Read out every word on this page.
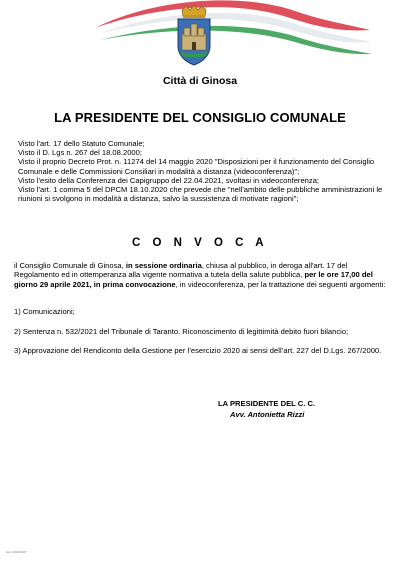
Città di Ginosa
LA PRESIDENTE DEL CONSIGLIO COMUNALE

Visto l'art. 17 dello Statuto Comunale;

Visto il D. Lgs n. 267 del 18.08.2000;

Visto il proprio Decreto Prot. n. 11274 del 14 maggio 2020 "Disposizioni per il funzionamento del Consiglio Comunale e delle Commissioni Consiliari in modalità a distanza (videoconferenza)";

Visto l'esito della Conferenza dei Capigruppo del 22.04.2021, svoltasi in videoconferenza;

Visto l'art. 1 comma 5 del DPCM 18.10.2020 che prevede che "nell'ambito delle pubbliche amministrazioni le riunioni si svolgono in modalità a distanza, salvo la sussistenza di motivate ragioni";

C O N V O C A
il Consiglio Comunale di Ginosa, in sessione ordinaria, chiusa al pubblico, in deroga all'art. 17 del Regolamento ed in ottemperanza alla vigente normativa a tutela della salute pubblica, per le ore 17,00 del giorno 29 aprile 2021, in prima convocazione, in videoconferenza, per la trattazione dei seguenti argomenti:

1) Comunicazioni;

2) Sentenza n. 532/2021 del Tribunale di Taranto. Riconoscimento di legittimità debito fuori bilancio;

3) Approvazione del Rendiconto della Gestione per l’esercizio 2020 ai sensi dell’art. 227 del D.Lgs. 267/2000.

LA PRESIDENTE DEL C. C.
Avv. Antonietta Rizzi
doc. 2021/0427
